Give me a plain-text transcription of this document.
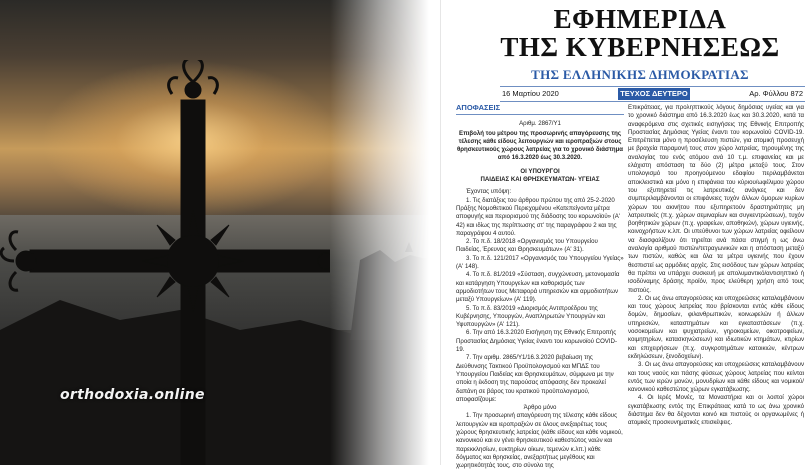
orthodoxia.online
ΕΦΗΜΕΡΙΔΑ
ΤΗΣ ΚΥΒΕΡΝΗΣΕΩΣ
ΤΗΣ ΕΛΛΗΝΙΚΗΣ ΔΗΜΟΚΡΑΤΙΑΣ
16 Μαρτίου 2020	ΤΕΥΧΟΣ ΔΕΥΤΕΡΟ	Αρ. Φύλλου 872
ΑΠΟΦΑΣΕΙΣ

Αριθμ. 2867/Υ1

Επιβολή του μέτρου της προσωρινής απαγόρευσης της τέλεσης κάθε είδους λειτουργιών και ιεροπραξιών στους θρησκευτικούς χώρους λατρείας για το χρονικό διάστημα από 16.3.2020 έως 30.3.2020.

ΟΙ ΥΠΟΥΡΓΟΙ
ΠΑΙΔΕΙΑΣ ΚΑΙ ΘΡΗΣΚΕΥΜΑΤΩΝ- ΥΓΕΙΑΣ

Έχοντας υπόψη:

1. Τις διατάξεις του άρθρου πρώτου της από 25-2-2020 Πράξης Νομοθετικού Περιεχομένου «Κατεπείγοντα μέτρα αποφυγής και περιορισμού της διάδοσης του κορωνοϊού» (Α' 42) και ιδίως της περίπτωσης στ' της παραγράφου 2 και της παραγράφου 4 αυτού.

2. Το π.δ. 18/2018 «Οργανισμός του Υπουργείου Παιδείας, Έρευνας και Θρησκευμάτων» (Α' 31).

3. Το π.δ. 121/2017 «Οργανισμός του Υπουργείου Υγείας» (Α' 148).

4. Το π.δ. 81/2019 «Σύσταση, συγχώνευση, μετονομασία και κατάργηση Υπουργείων και καθορισμός των αρμοδιοτήτων τους Μεταφορά υπηρεσιών και αρμοδιοτήτων μεταξύ Υπουργείων» (Α' 119).

5. Το π.δ. 83/2019 «Διορισμός Αντιπροέδρου της Κυβέρνησης, Υπουργών, Αναπληρωτών Υπουργών και Υφυπουργών» (Α' 121).

6. Την από 16.3.2020 Εισήγηση της Εθνικής Επιτροπής Προστασίας Δημόσιας Υγείας έναντι του κορωνοϊού COVID-19.

7. Την αριθμ. 2865/Υ1/16.3.2020 βεβαίωση της Διεύθυνσης Τακτικού Προϋπολογισμού και ΜΠΔΣ του Υπουργείου Παιδείας και Θρησκευμάτων, σύμφωνα με την οποία η έκδοση της παρούσας απόφασης δεν προκαλεί δαπάνη σε βάρος του κρατικού προϋπολογισμού, αποφασίζουμε:

Άρθρο μόνο

1. Την προσωρινή απαγόρευση της τέλεσης κάθε είδους λειτουργιών και ιεροπραξιών σε όλους ανεξαιρέτως τους χώρους θρησκευτικής λατρείας (κάθε είδους και κάθε νομικού, κανονικού και εν γένει θρησκευτικού καθεστώτος ναών και παρεκκλησίων, ευκτηρίων οίκων, τεμενών κ.λπ.) κάθε δόγματος και θρησκείας, ανεξαρτήτως μεγέθους και χωρητικότητάς τους, στο σύνολο της

Επικράτειας, για προληπτικούς λόγους δημόσιας υγείας και για το χρονικό διάστημα από 16.3.2020 έως και 30.3.2020, κατά τα αναφερόμενα στις σχετικές εισηγήσεις της Εθνικής Επιτροπής Προστασίας Δημόσιας Υγείας έναντι του κορωνοϊού COVID-19. Επιτρέπεται μόνο η προσέλευση πιστών, για ατομική προσευχή με βραχεία παραμονή τους στον χώρο λατρείας, τηρουμένης της αναλογίας του ενός ατόμου ανά 10 τ.μ. επιφανείας και με ελάχιστη απόσταση τα δύο (2) μέτρα μεταξύ τους. Στον υπολογισμό του προηγούμενου εδαφίου περιλαμβάνεται αποκλειστικά και μόνο η επιφάνεια του κύριου/ωφέλιμου χώρου του εξυπηρετεί τις λατρευτικές ανάγκες και δεν συμπεριλαμβάνονται οι επιφάνειες τυχόν άλλων όμορων κυρίων χώρων του ακινήτου που εξυπηρετούν δραστηριότητες μη λατρευτικές (π.χ. χώρων σεμιναρίων και συγκεντρώσεων), τυχόν βοηθητικών χώρων (π.χ. γραφείων, αποθηκών), χώρων υγιεινής, κοινοχρήστων κ.λπ. Οι υπεύθυνοι των χώρων λατρείας οφείλουν να διασφαλίζουν ότι τηρείται ανά πάσα στιγμή η ως άνω αναλογία αριθμού πιστών/τετραγωνικών και η απόσταση μεταξύ των πιστών, καθώς και όλα τα μέτρα υγιεινής που έχουν θεσπιστεί ως αρμόδιες αρχές. Στις εισόδους των χώρων λατρείας θα πρέπει να υπάρχει συσκευή με απολυμαντικό/αντισηπτικό ή ισοδύναμης δράσης προϊόν, προς ελεύθερη χρήση από τους πιστούς.

2. Οι ως άνω απαγορεύσεις και υποχρεώσεις καταλαμβάνουν και τους χώρους λατρείας που βρίσκονται εντός κάθε είδους δομών, δημοσίων, φιλανθρωπικών, κοινωφελών ή άλλων υπηρεσιών, καταστημάτων και εγκαταστάσεων (π.χ. νοσοκομείων και ψυχιατρείων, γηροκομείων, οικοτροφείων, κοιμητηρίων, κατασκηνώσεων) και ιδιωτικών κτημάτων, κτιρίων και επιχειρήσεων (π.χ. συγκροτημάτων κατοικιών, κέντρων εκδηλώσεων, ξενοδοχείων).

3. Οι ως άνω απαγορεύσεις και υποχρεώσεις καταλαμβάνουν και τους ναούς και πάσης φύσεως χώρους λατρείας που κείνται εντός των ιερών μονών, μονυδρίων και κάθε είδους και νομικού/κανονικού καθεστώτος χώρων εγκατάβιωσης.

4. Οι Ιερές Μονές, τα Μοναστήρια και οι λοιποί χώροι εγκατάβιωσης εντός της Επικράτειας κατά το ως άνω χρονικό διάστημα δεν θα δέχονται κοινό και πιστούς οι οργανωμένες ή ατομικές προσκυνηματικές επισκέψεις.
